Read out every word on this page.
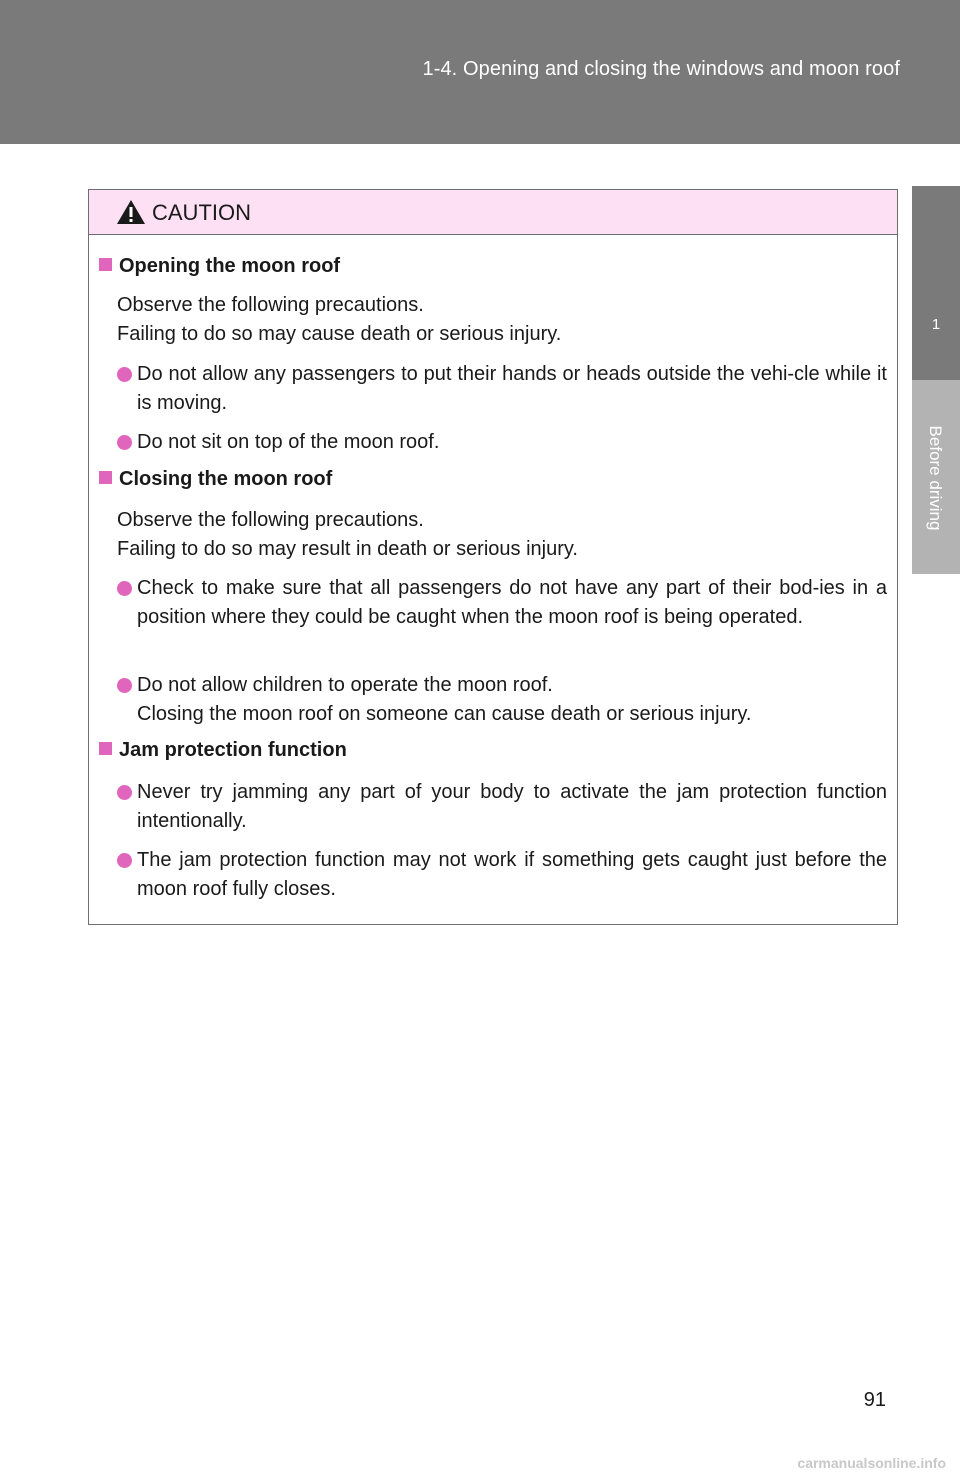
1-4. Opening and closing the windows and moon roof
1
Before driving
CAUTION
Opening the moon roof
Observe the following precautions.
Failing to do so may cause death or serious injury.
Do not allow any passengers to put their hands or heads outside the vehi-cle while it is moving.
Do not sit on top of the moon roof.
Closing the moon roof
Observe the following precautions.
Failing to do so may result in death or serious injury.
Check to make sure that all passengers do not have any part of their bod-ies in a position where they could be caught when the moon roof is being operated.
Do not allow children to operate the moon roof.
Closing the moon roof on someone can cause death or serious injury.
Jam protection function
Never try jamming any part of your body to activate the jam protection function intentionally.
The jam protection function may not work if something gets caught just before the moon roof fully closes.
91
carmanualsonline.info
